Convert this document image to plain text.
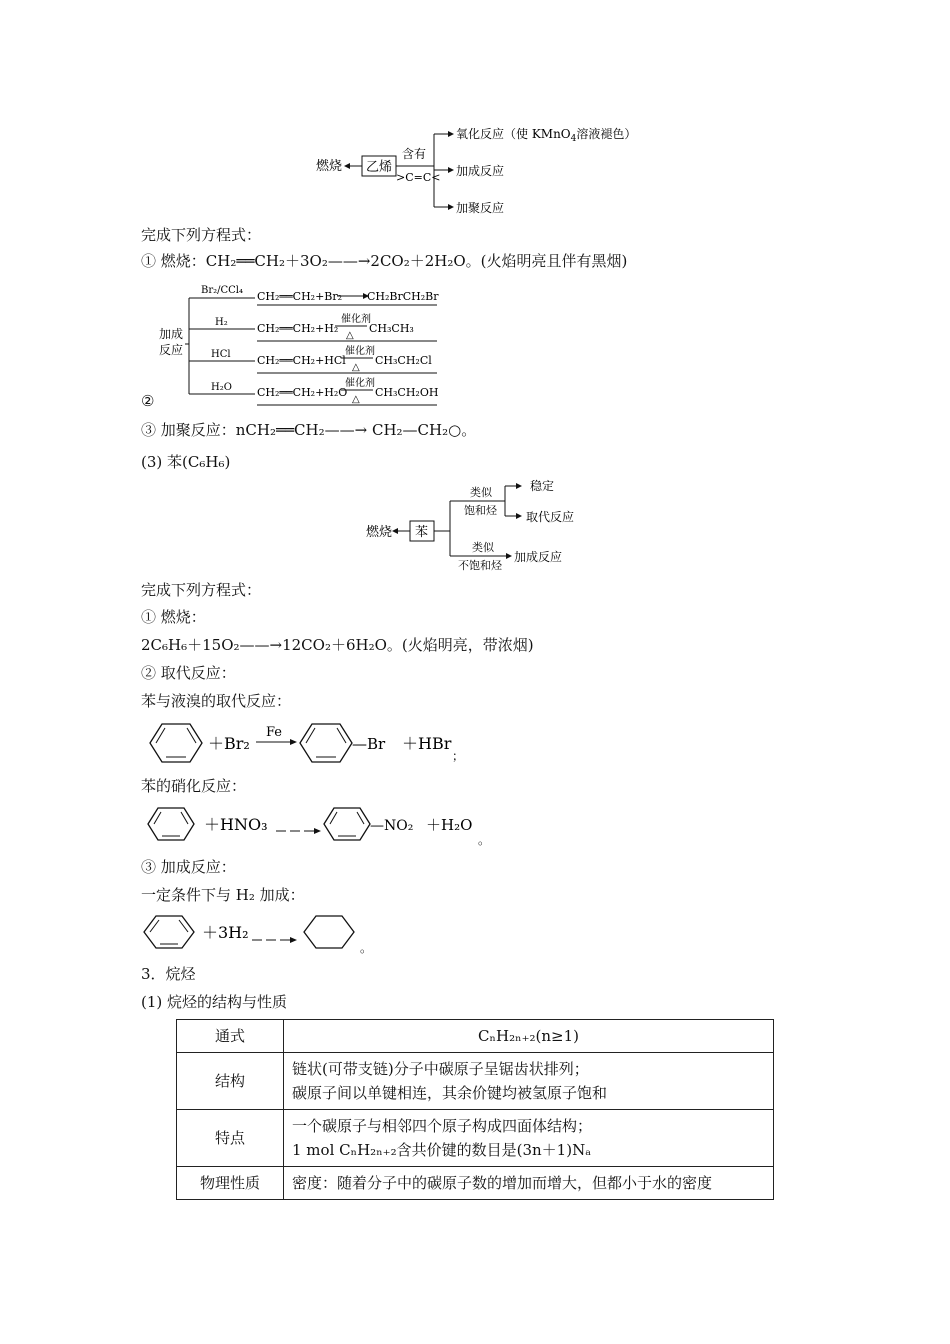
燃烧 乙烯
含有
>C=C<
氧化反应（使 KMnO$_4$溶液褪色）
加成反应
加聚反应
完成下列方程式：
① 燃烧：CH₂══CH₂＋3O₂——→2CO₂＋2H₂O。(火焰明亮且伴有黑烟)
加成
反应
Br₂/CCl₄
H₂
HCl
H₂O
CH₂══CH₂+Br₂ CH₂BrCH₂Br
CH₂══CH₂+H₂
催化剂
△
CH₃CH₃
CH₂══CH₂+HCl
催化剂
△
CH₃CH₂Cl
CH₂══CH₂+H₂O
催化剂
△
CH₃CH₂OH
②
③ 加聚反应：nCH₂══CH₂——→ CH₂—CH₂○。
(3) 苯(C₆H₆)
燃烧 苯
类似
饱和烃
稳定
取代反应
类似
不饱和烃
加成反应
完成下列方程式：
① 燃烧：
2C₆H₆＋15O₂——→12CO₂＋6H₂O。(火焰明亮，带浓烟)
② 取代反应：
苯与液溴的取代反应：
＋Br₂
Fe
—Br ＋HBr
；
苯的硝化反应：
＋HNO₃	—NO₂ ＋H₂O
。
③ 加成反应：
一定条件下与 H₂ 加成：
＋3H₂
。
3．烷烃
(1) 烷烃的结构与性质
通式	CₙH₂ₙ₊₂(n≥1)
结构	链状(可带支链)分子中碳原子呈锯齿状排列；
碳原子间以单键相连，其余价键均被氢原子饱和

特点	一个碳原子与相邻四个原子构成四面体结构；
1 mol CₙH₂ₙ₊₂含共价键的数目是(3n＋1)Nₐ

物理性质	密度：随着分子中的碳原子数的增加而增大，但都小于水的密度
